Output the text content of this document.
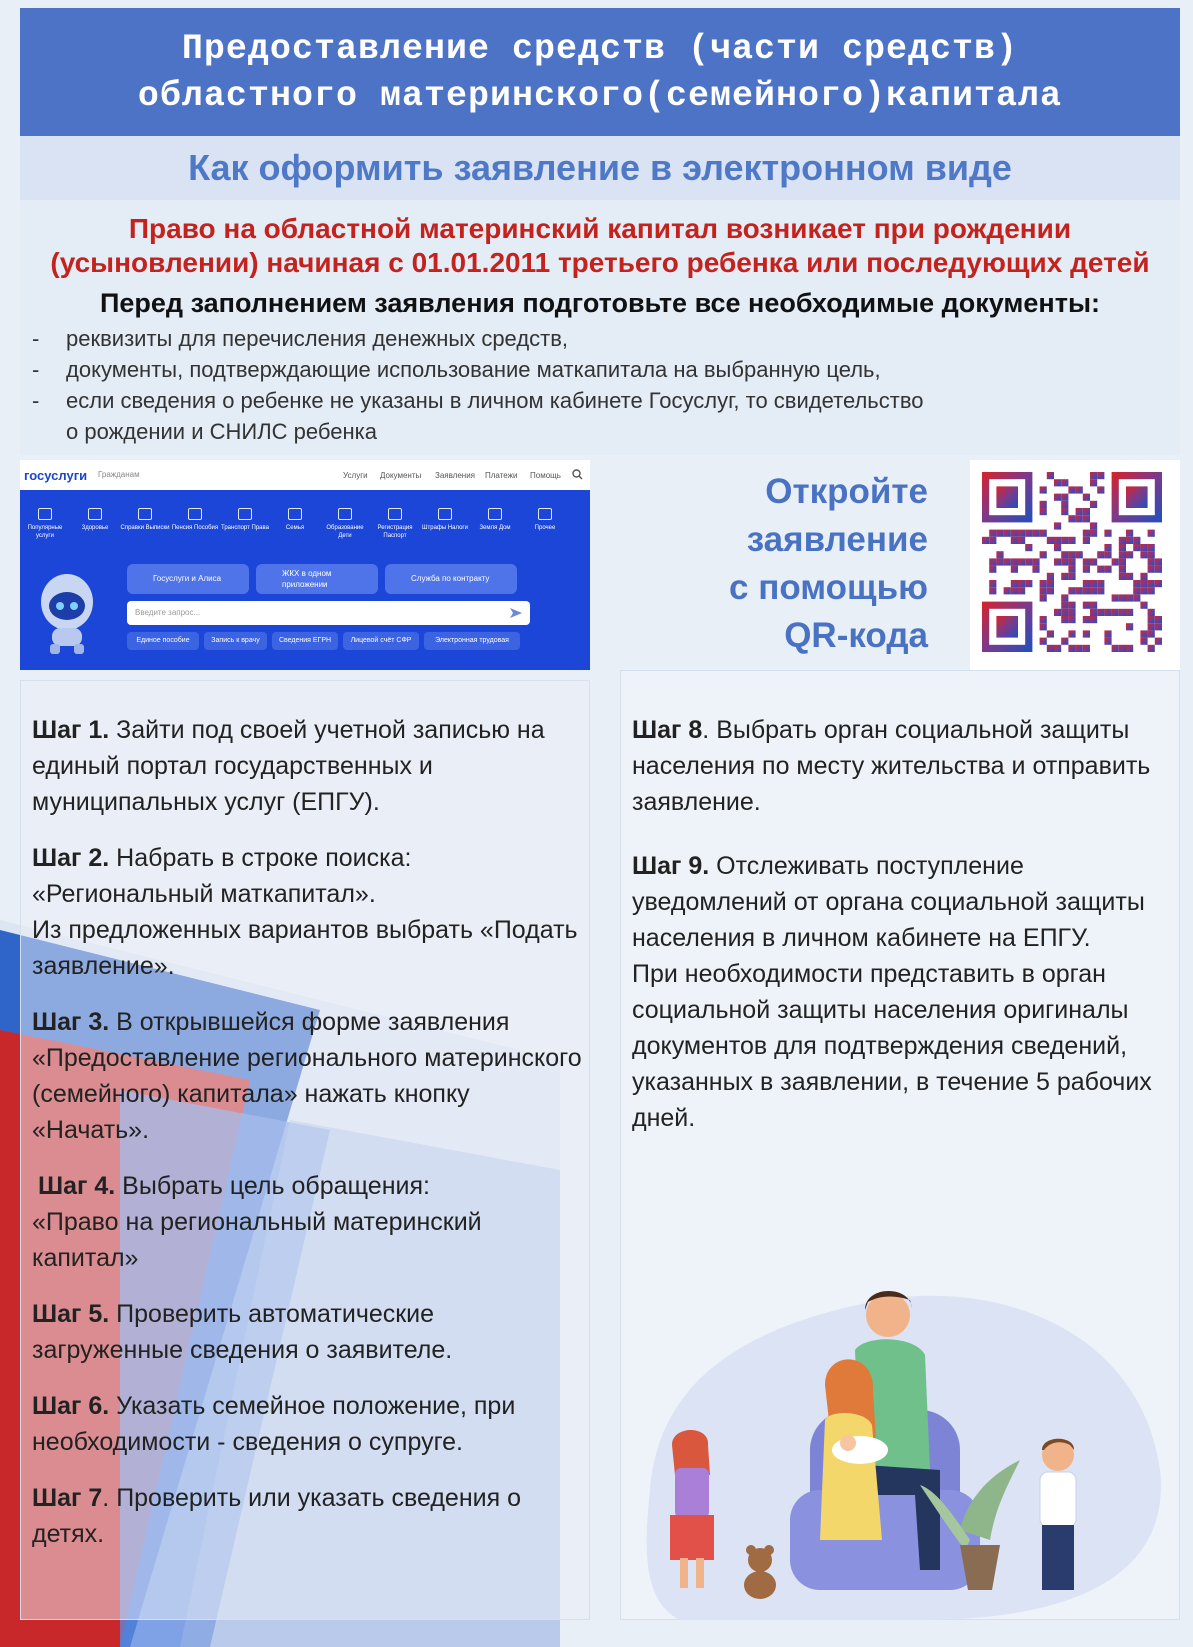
Предоставление средств (части средств)
областного материнского(семейного)капитала
Как оформить заявление в электронном виде
Право на областной материнский капитал возникает при рождении
(усыновлении) начиная с 01.01.2011 третьего ребенка или последующих детей
Перед заполнением заявления подготовьте все необходимые документы:
- реквизиты для перечисления денежных средств,
- документы, подтверждающие использование маткапитала на выбранную цель,
- если сведения о ребенке не указаны в личном кабинете Госуслуг, то свидетельство
о рождении и СНИЛС ребенка
госуслуги Гражданам	Услуги Документы Заявления Платежи Помощь
Популярные услуги
Здоровье	Справки Выписки Пенсия Пособия Транспорт Права	Семья	Образование Дети
Регистрация Паспорт
Штрафы Налоги	Земля Дом	Прочее
Госуслуги и Алиса
ЖКХ в одном приложении
Служба по контракту
Введите запрос...
Единое пособие	Запись к врачу	Сведения ЕГРН	Лицевой счёт СФР	Электронная трудовая
Откройте
заявление
с помощью
QR-кода
Шаг 1. Зайти под своей учетной записью на
единый портал государственных и
муниципальных услуг (ЕПГУ).
Шаг 2. Набрать в строке поиска:
«Региональный маткапитал».
Из предложенных вариантов выбрать «Подать
заявление».
Шаг 3. В открывшейся форме заявления
«Предоставление регионального материнского
(семейного) капитала» нажать кнопку
«Начать».
Шаг 4. Выбрать цель обращения:
«Право на региональный материнский
капитал»
Шаг 5. Проверить автоматические
загруженные сведения о заявителе.
Шаг 6. Указать семейное положение, при
необходимости - сведения о супруге.
Шаг 7. Проверить или указать сведения о
детях.
Шаг 8. Выбрать орган социальной защиты
населения по месту жительства и отправить
заявление.
Шаг 9. Отслеживать поступление
уведомлений от органа социальной защиты
населения в личном кабинете на ЕПГУ.
При необходимости представить в орган
социальной защиты населения оригиналы
документов для подтверждения сведений,
указанных в заявлении, в течение 5 рабочих
дней.
